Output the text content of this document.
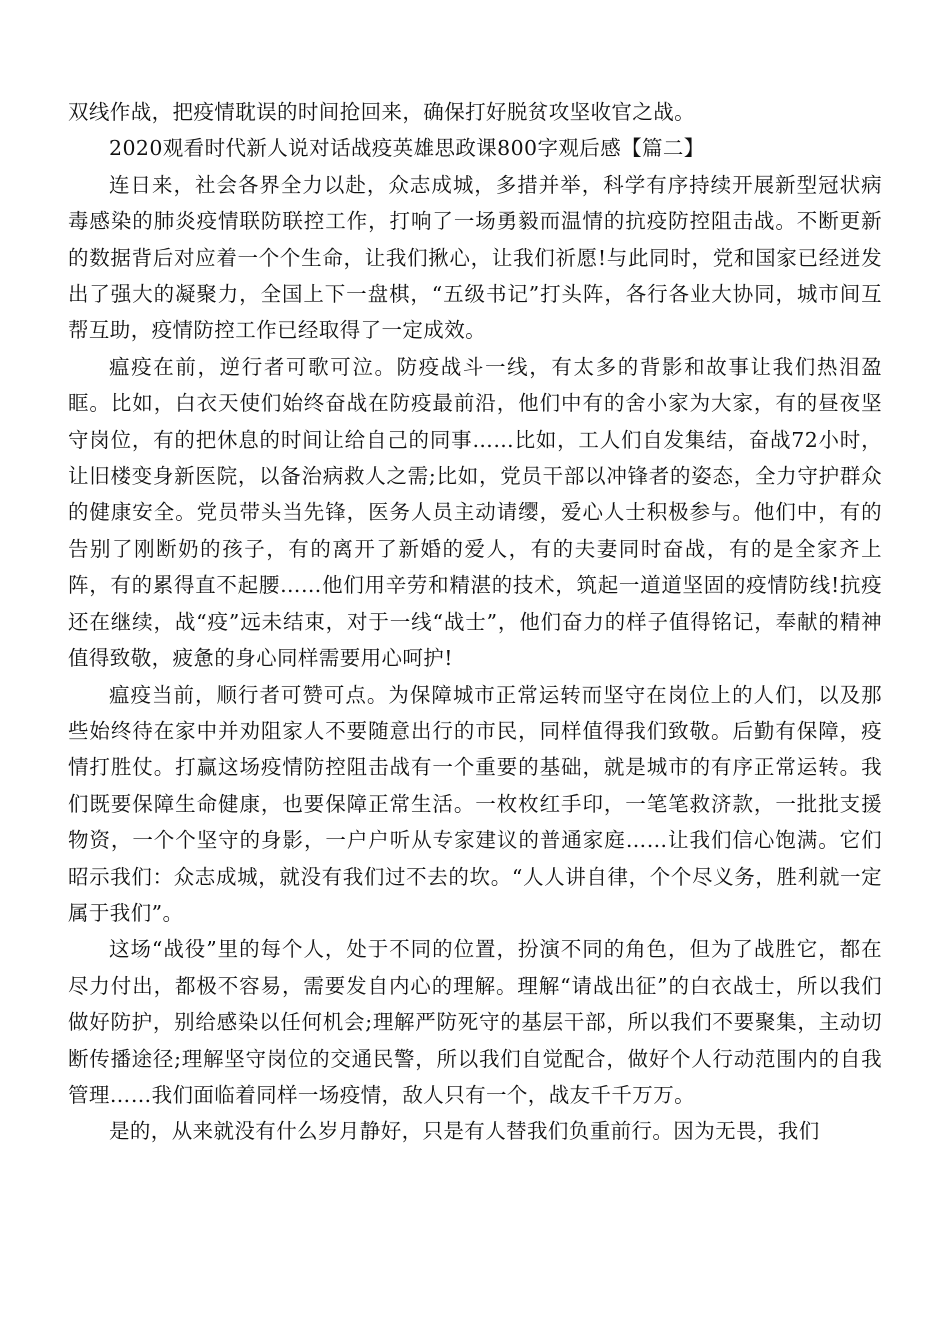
双线作战，把疫情耽误的时间抢回来，确保打好脱贫攻坚收官之战。

2020观看时代新人说对话战疫英雄思政课800字观后感【篇二】

连日来，社会各界全力以赴，众志成城，多措并举，科学有序持续开展新型冠状病毒感染的肺炎疫情联防联控工作，打响了一场勇毅而温情的抗疫防控阻击战。不断更新的数据背后对应着一个个生命，让我们揪心，让我们祈愿!与此同时，党和国家已经迸发出了强大的凝聚力，全国上下一盘棋，“五级书记”打头阵，各行各业大协同，城市间互帮互助，疫情防控工作已经取得了一定成效。

瘟疫在前，逆行者可歌可泣。防疫战斗一线，有太多的背影和故事让我们热泪盈眶。比如，白衣天使们始终奋战在防疫最前沿，他们中有的舍小家为大家，有的昼夜坚守岗位，有的把休息的时间让给自己的同事……比如，工人们自发集结，奋战72小时，让旧楼变身新医院，以备治病救人之需;比如，党员干部以冲锋者的姿态，全力守护群众的健康安全。党员带头当先锋，医务人员主动请缨，爱心人士积极参与。他们中，有的告别了刚断奶的孩子，有的离开了新婚的爱人，有的夫妻同时奋战，有的是全家齐上阵，有的累得直不起腰……他们用辛劳和精湛的技术，筑起一道道坚固的疫情防线!抗疫还在继续，战“疫”远未结束，对于一线“战士”，他们奋力的样子值得铭记，奉献的精神值得致敬，疲惫的身心同样需要用心呵护!

瘟疫当前，顺行者可赞可点。为保障城市正常运转而坚守在岗位上的人们，以及那些始终待在家中并劝阻家人不要随意出行的市民，同样值得我们致敬。后勤有保障，疫情打胜仗。打赢这场疫情防控阻击战有一个重要的基础，就是城市的有序正常运转。我们既要保障生命健康，也要保障正常生活。一枚枚红手印，一笔笔救济款，一批批支援物资，一个个坚守的身影，一户户听从专家建议的普通家庭……让我们信心饱满。它们昭示我们：众志成城，就没有我们过不去的坎。“人人讲自律，个个尽义务，胜利就一定属于我们”。

这场“战役”里的每个人，处于不同的位置，扮演不同的角色，但为了战胜它，都在尽力付出，都极不容易，需要发自内心的理解。理解“请战出征”的白衣战士，所以我们做好防护，别给感染以任何机会;理解严防死守的基层干部，所以我们不要聚集，主动切断传播途径;理解坚守岗位的交通民警，所以我们自觉配合，做好个人行动范围内的自我管理……我们面临着同样一场疫情，敌人只有一个，战友千千万万。

是的，从来就没有什么岁月静好，只是有人替我们负重前行。因为无畏，我们
